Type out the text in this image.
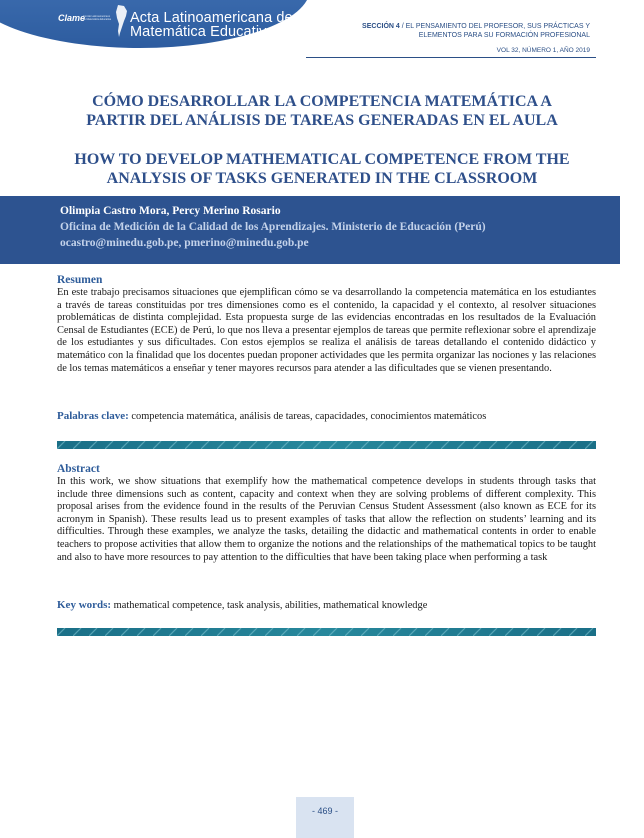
Clame
Comité Latinoamericano de Matemática Educativa Acta Latinoamericana de
Matemática Educativa	SECCIÓN 4 / EL PENSAMIENTO DEL PROFESOR, SUS PRÁCTICAS Y
ELEMENTOS PARA SU FORMACIÓN PROFESIONAL
VOL 32, NÚMERO 1, AÑO 2019
CÓMO DESARROLLAR LA COMPETENCIA MATEMÁTICA A
PARTIR DEL ANÁLISIS DE TAREAS GENERADAS EN EL AULA
HOW TO DEVELOP MATHEMATICAL COMPETENCE FROM THE
ANALYSIS OF TASKS GENERATED IN THE CLASSROOM
Olimpia Castro Mora, Percy Merino Rosario
Oficina de Medición de la Calidad de los Aprendizajes. Ministerio de Educación (Perú)
ocastro@minedu.gob.pe, pmerino@minedu.gob.pe
Resumen
En este trabajo precisamos situaciones que ejemplifican cómo se va desarrollando la competencia matemática en los estudiantes a través de tareas constituidas por tres dimensiones como es el contenido, la capacidad y el contexto, al resolver situaciones problemáticas de distinta complejidad. Esta propuesta surge de las evidencias encontradas en los resultados de la Evaluación Censal de Estudiantes (ECE) de Perú, lo que nos lleva a presentar ejemplos de tareas que permite reflexionar sobre el aprendizaje de los estudiantes y sus dificultades. Con estos ejemplos se realiza el análisis de tareas detallando el contenido didáctico y matemático con la finalidad que los docentes puedan proponer actividades que les permita organizar las nociones y las relaciones de los temas matemáticos a enseñar y tener mayores recursos para atender a las dificultades que se vienen presentando.
Palabras clave: competencia matemática, análisis de tareas, capacidades, conocimientos matemáticos
Abstract
In this work, we show situations that exemplify how the mathematical competence develops in students through tasks that include three dimensions such as content, capacity and context when they are solving problems of different complexity. This proposal arises from the evidence found in the results of the Peruvian Census Student Assessment (also known as ECE for its acronym in Spanish). These results lead us to present examples of tasks that allow the reflection on students’ learning and its difficulties. Through these examples, we analyze the tasks, detailing the didactic and mathematical contents in order to enable teachers to propose activities that allow them to organize the notions and the relationships of the mathematical topics to be taught and also to have more resources to pay attention to the difficulties that have been taking place when performing a task
Key words: mathematical competence, task analysis, abilities, mathematical knowledge
- 469 -
